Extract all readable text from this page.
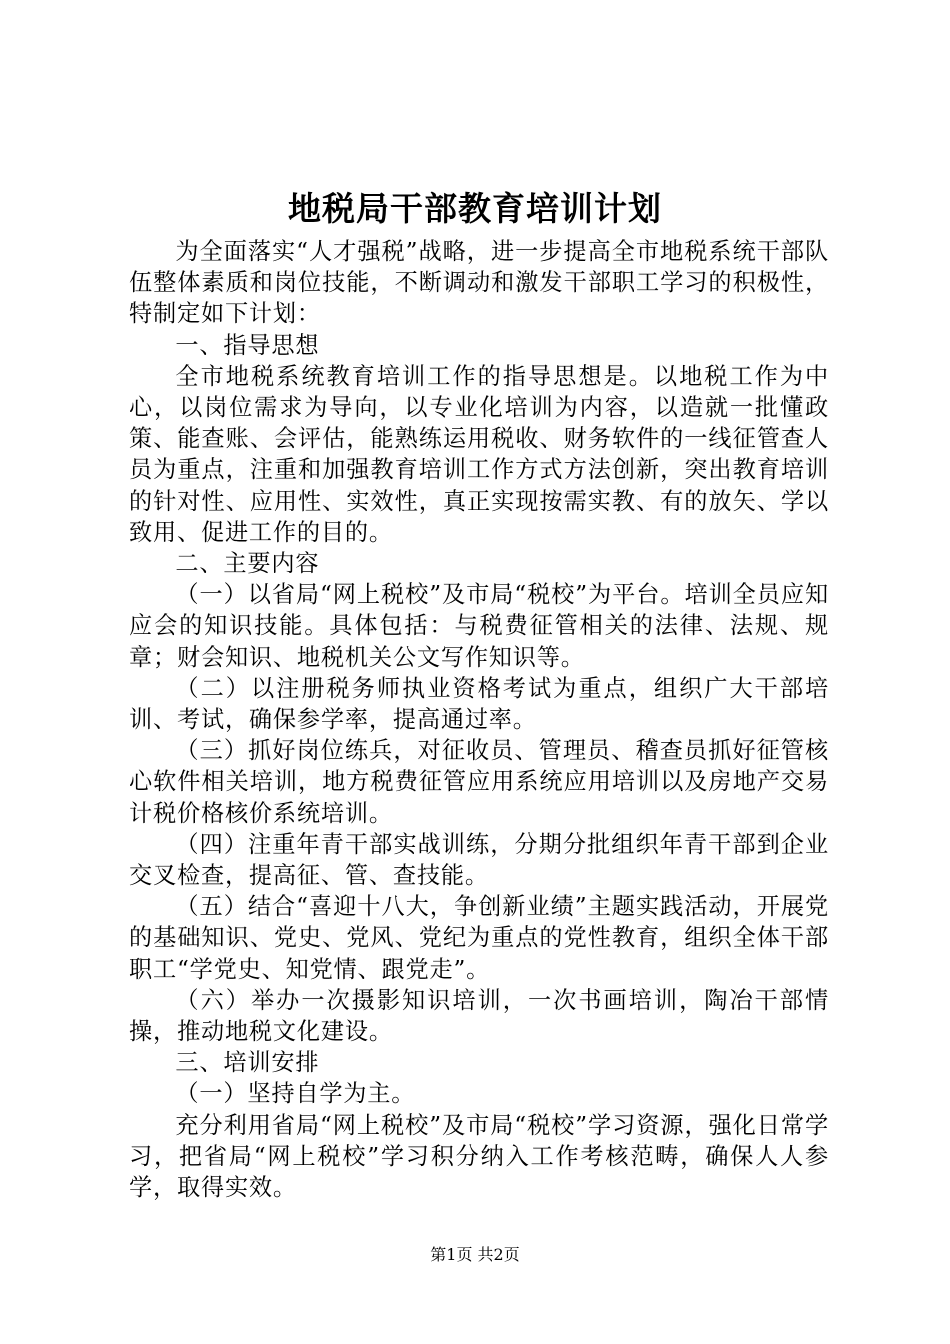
地税局干部教育培训计划

为全面落实“人才强税”战略，进一步提高全市地税系统干部队伍整体素质和岗位技能，不断调动和激发干部职工学习的积极性，特制定如下计划：

一、指导思想

全市地税系统教育培训工作的指导思想是。以地税工作为中心，以岗位需求为导向，以专业化培训为内容，以造就一批懂政策、能查账、会评估，能熟练运用税收、财务软件的一线征管查人员为重点，注重和加强教育培训工作方式方法创新，突出教育培训的针对性、应用性、实效性，真正实现按需实教、有的放矢、学以致用、促进工作的目的。

二、主要内容

（一）以省局“网上税校”及市局“税校”为平台。培训全员应知应会的知识技能。具体包括：与税费征管相关的法律、法规、规章；财会知识、地税机关公文写作知识等。

（二）以注册税务师执业资格考试为重点，组织广大干部培训、考试，确保参学率，提高通过率。

（三）抓好岗位练兵，对征收员、管理员、稽查员抓好征管核心软件相关培训，地方税费征管应用系统应用培训以及房地产交易计税价格核价系统培训。

（四）注重年青干部实战训练，分期分批组织年青干部到企业交叉检查，提高征、管、查技能。

（五）结合“喜迎十八大，争创新业绩”主题实践活动，开展党的基础知识、党史、党风、党纪为重点的党性教育，组织全体干部职工“学党史、知党情、跟党走”。

（六）举办一次摄影知识培训，一次书画培训，陶冶干部情操，推动地税文化建设。

三、培训安排

（一）坚持自学为主。

充分利用省局“网上税校”及市局“税校”学习资源，强化日常学习，把省局“网上税校”学习积分纳入工作考核范畴，确保人人参学，取得实效。

第1页 共2页
